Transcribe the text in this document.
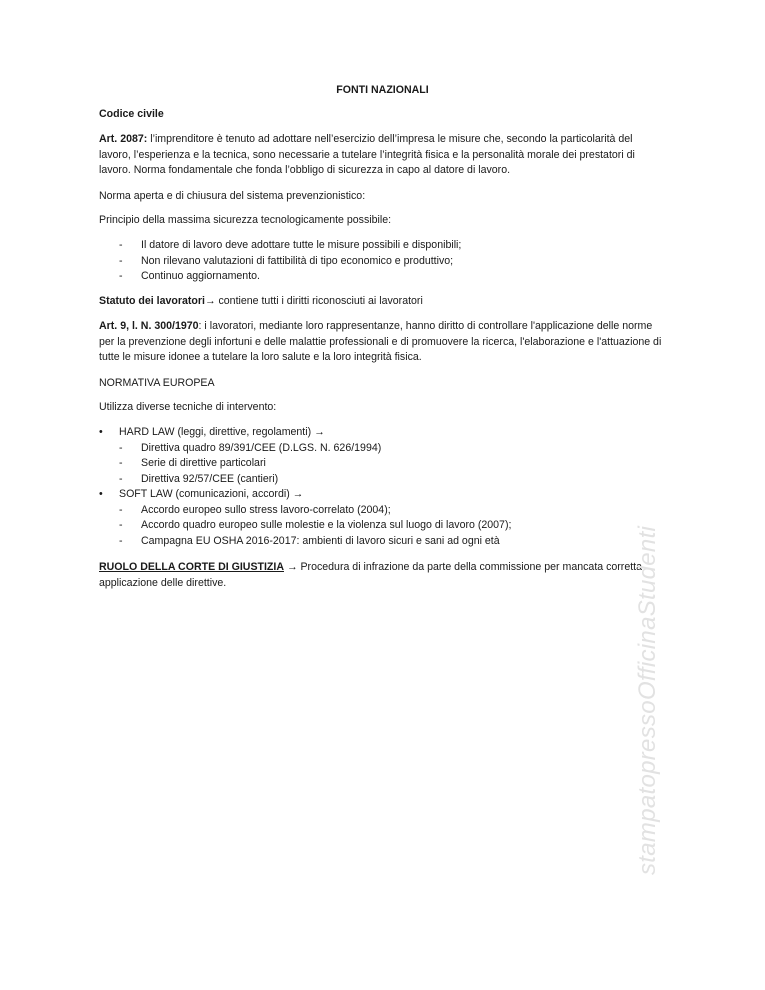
FONTI NAZIONALI

Codice civile

Art. 2087: l’imprenditore è tenuto ad adottare nell’esercizio dell’impresa le misure che, secondo la particolarità del lavoro, l’esperienza e la tecnica, sono necessarie a tutelare l’integrità fisica e la personalità morale dei prestatori di lavoro. Norma fondamentale che fonda l’obbligo di sicurezza in capo al datore di lavoro.

Norma aperta e di chiusura del sistema prevenzionistico:

Principio della massima sicurezza tecnologicamente possibile:

- Il datore di lavoro deve adottare tutte le misure possibili e disponibili;
- Non rilevano valutazioni di fattibilità di tipo economico e produttivo;
- Continuo aggiornamento.

Statuto dei lavoratori→ contiene tutti i diritti riconosciuti ai lavoratori

Art. 9, l. N. 300/1970: i lavoratori, mediante loro rappresentanze, hanno diritto di controllare l'applicazione delle norme per la prevenzione degli infortuni e delle malattie professionali e di promuovere la ricerca, l'elaborazione e l'attuazione di tutte le misure idonee a tutelare la loro salute e la loro integrità fisica.

NORMATIVA EUROPEA

Utilizza diverse tecniche di intervento:

• HARD LAW (leggi, direttive, regolamenti) →
- Direttiva quadro 89/391/CEE (D.LGS. N. 626/1994)
- Serie di direttive particolari
- Direttiva 92/57/CEE (cantieri)
• SOFT LAW (comunicazioni, accordi) →
- Accordo europeo sullo stress lavoro-correlato (2004);
- Accordo quadro europeo sulle molestie e la violenza sul luogo di lavoro (2007);
- Campagna EU OSHA 2016-2017: ambienti di lavoro sicuri e sani ad ogni età

RUOLO DELLA CORTE DI GIUSTIZIA → Procedura di infrazione da parte della commissione per mancata corretta applicazione delle direttive.	stampatopressoOfficinaStudenti
